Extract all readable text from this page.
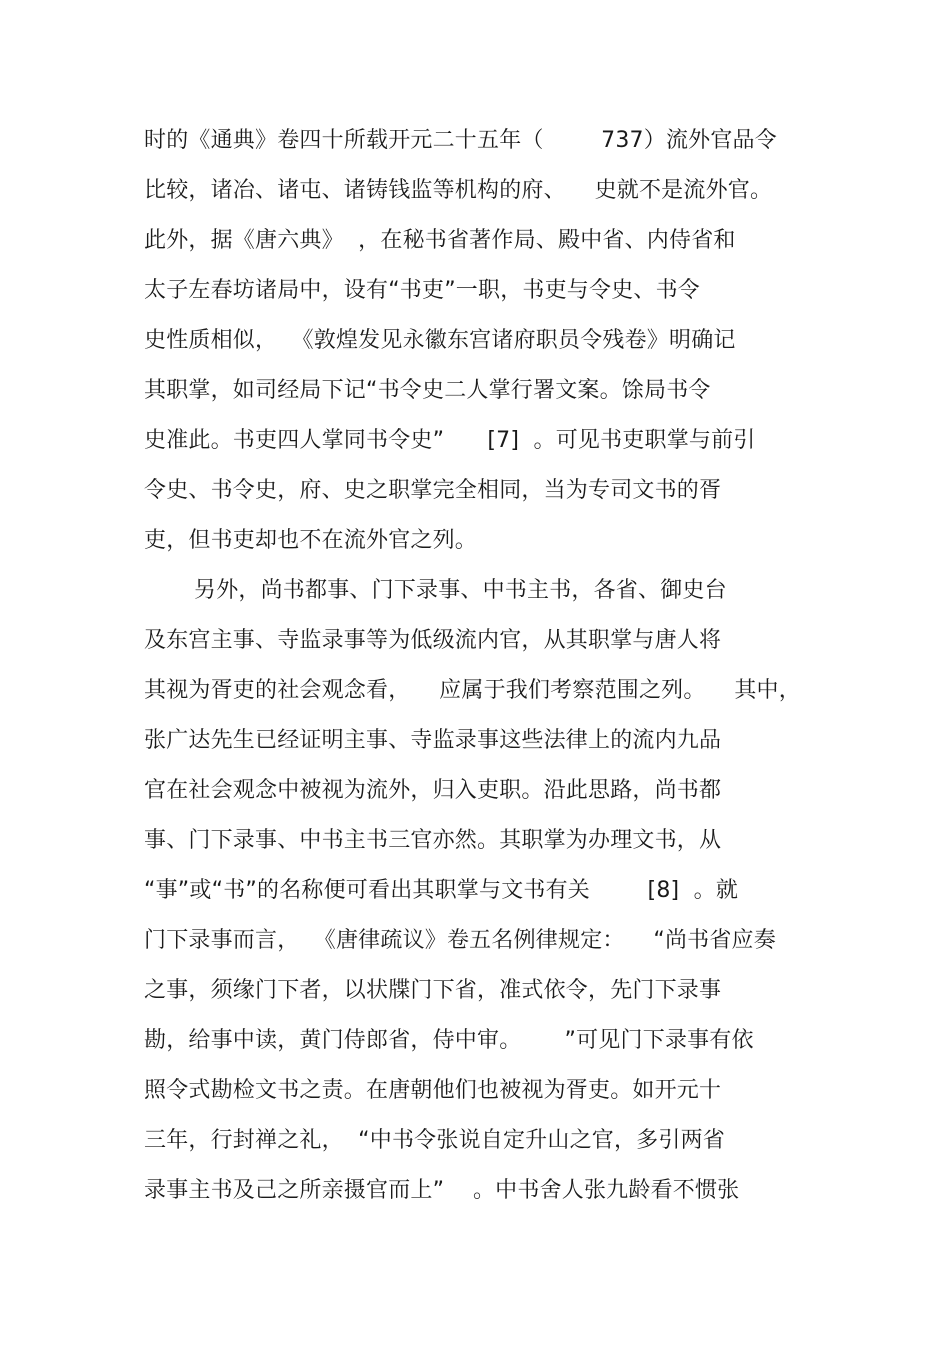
时的《通典》卷四十所载开元二十五年（        737）流外官品令
比较，诸冶、诸屯、诸铸钱监等机构的府、    史就不是流外官。
此外，据《唐六典》  ，在秘书省著作局、殿中省、内侍省和
太子左春坊诸局中，设有“书吏”一职，书吏与令史、书令
史性质相似，  《敦煌发见永徽东宫诸府职员令残卷》明确记
其职掌，如司经局下记“书令史二人掌行署文案。馀局书令
史准此。书吏四人掌同书令史”      [7]  。可见书吏职掌与前引
令史、书令史，府、史之职掌完全相同，当为专司文书的胥
吏，但书吏却也不在流外官之列。
另外，尚书都事、门下录事、中书主书，各省、御史台
及东宫主事、寺监录事等为低级流内官，从其职掌与唐人将
其视为胥吏的社会观念看，    应属于我们考察范围之列。    其中，
张广达先生已经证明主事、寺监录事这些法律上的流内九品
官在社会观念中被视为流外，归入吏职。沿此思路，尚书都
事、门下录事、中书主书三官亦然。其职掌为办理文书，从
“事”或“书”的名称便可看出其职掌与文书有关        [8]  。就
门下录事而言，  《唐律疏议》卷五名例律规定：    “尚书省应奏
之事，须缘门下者，以状牒门下省，准式依令，先门下录事
勘，给事中读，黄门侍郎省，侍中审。      ”可见门下录事有依
照令式勘检文书之责。在唐朝他们也被视为胥吏。如开元十
三年，行封禅之礼，  “中书令张说自定升山之官，多引两省
录事主书及己之所亲摄官而上”    。中书舍人张九龄看不惯张
